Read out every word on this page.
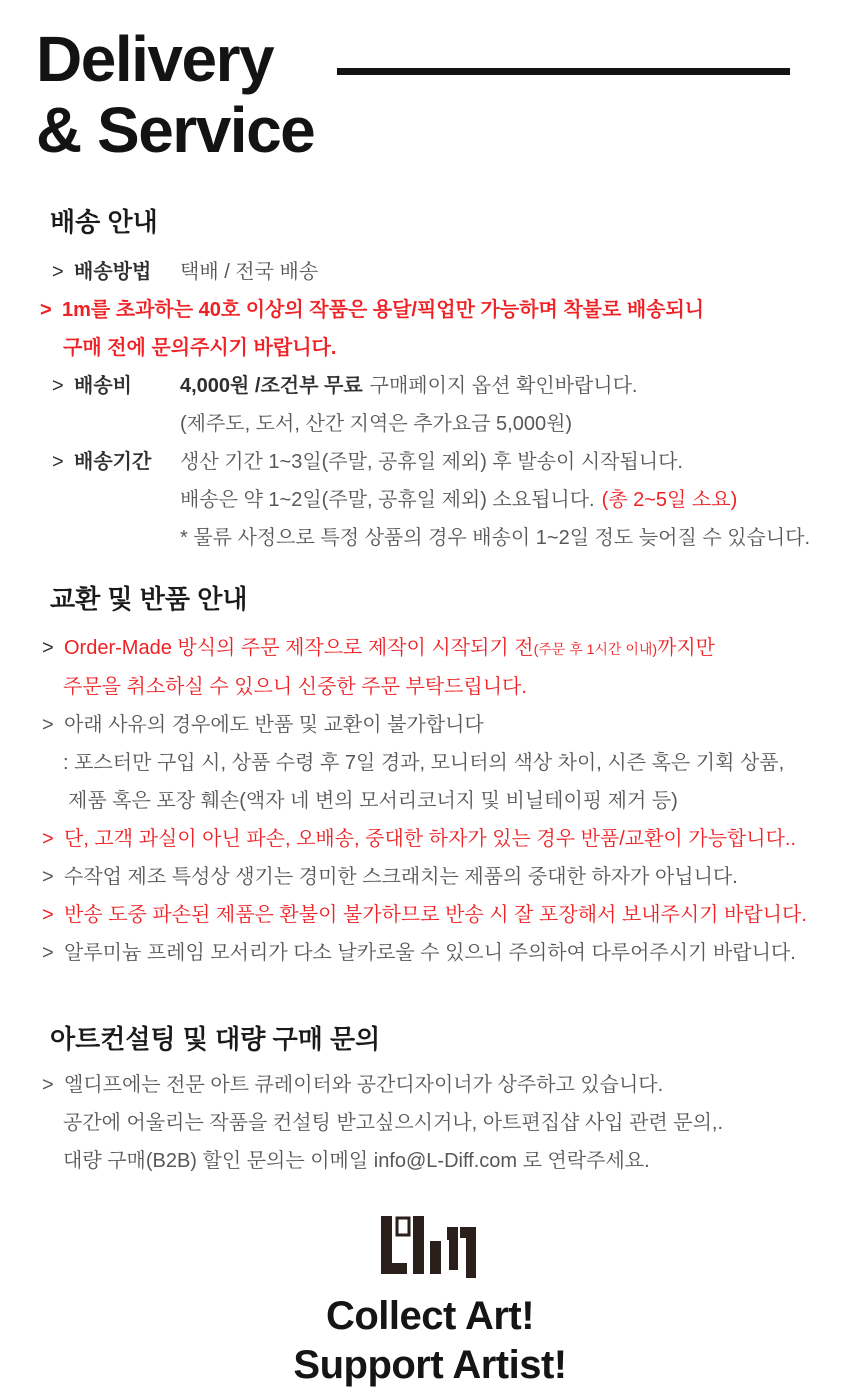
Delivery
& Service
배송 안내
> 배송방법 택배 / 전국 배송
> 1m를 초과하는 40호 이상의 작품은 용달/픽업만 가능하며 착불로 배송되니
구매 전에 문의주시기 바랍니다.
> 배송비 4,000원 /조건부 무료 구매페이지 옵션 확인바랍니다.
(제주도, 도서, 산간 지역은 추가요금 5,000원)
> 배송기간 생산 기간 1~3일(주말, 공휴일 제외) 후 발송이 시작됩니다.
배송은 약 1~2일(주말, 공휴일 제외) 소요됩니다. (총 2~5일 소요)
* 물류 사정으로 특정 상품의 경우 배송이 1~2일 정도 늦어질 수 있습니다.
교환 및 반품 안내
> Order-Made 방식의 주문 제작으로 제작이 시작되기 전(주문 후 1시간 이내)까지만
주문을 취소하실 수 있으니 신중한 주문 부탁드립니다.
> 아래 사유의 경우에도 반품 및 교환이 불가합니다
: 포스터만 구입 시, 상품 수령 후 7일 경과, 모니터의 색상 차이, 시즌 혹은 기획 상품,
제품 혹은 포장 훼손(액자 네 변의 모서리코너지 및 비닐테이핑 제거 등)
> 단, 고객 과실이 아닌 파손, 오배송, 중대한 하자가 있는 경우 반품/교환이 가능합니다..
> 수작업 제조 특성상 생기는 경미한 스크래치는 제품의 중대한 하자가 아닙니다.
> 반송 도중 파손된 제품은 환불이 불가하므로 반송 시 잘 포장해서 보내주시기 바랍니다.
> 알루미늄 프레임 모서리가 다소 날카로울 수 있으니 주의하여 다루어주시기 바랍니다.
아트컨설팅 및 대량 구매 문의
> 엘디프에는 전문 아트 큐레이터와 공간디자이너가 상주하고 있습니다.
공간에 어울리는 작품을 컨설팅 받고싶으시거나, 아트편집샵 사입 관련 문의,.
대량 구매(B2B) 할인 문의는 이메일 info@L-Diff.com 로 연락주세요.
Collect Art!
Support Artist!
